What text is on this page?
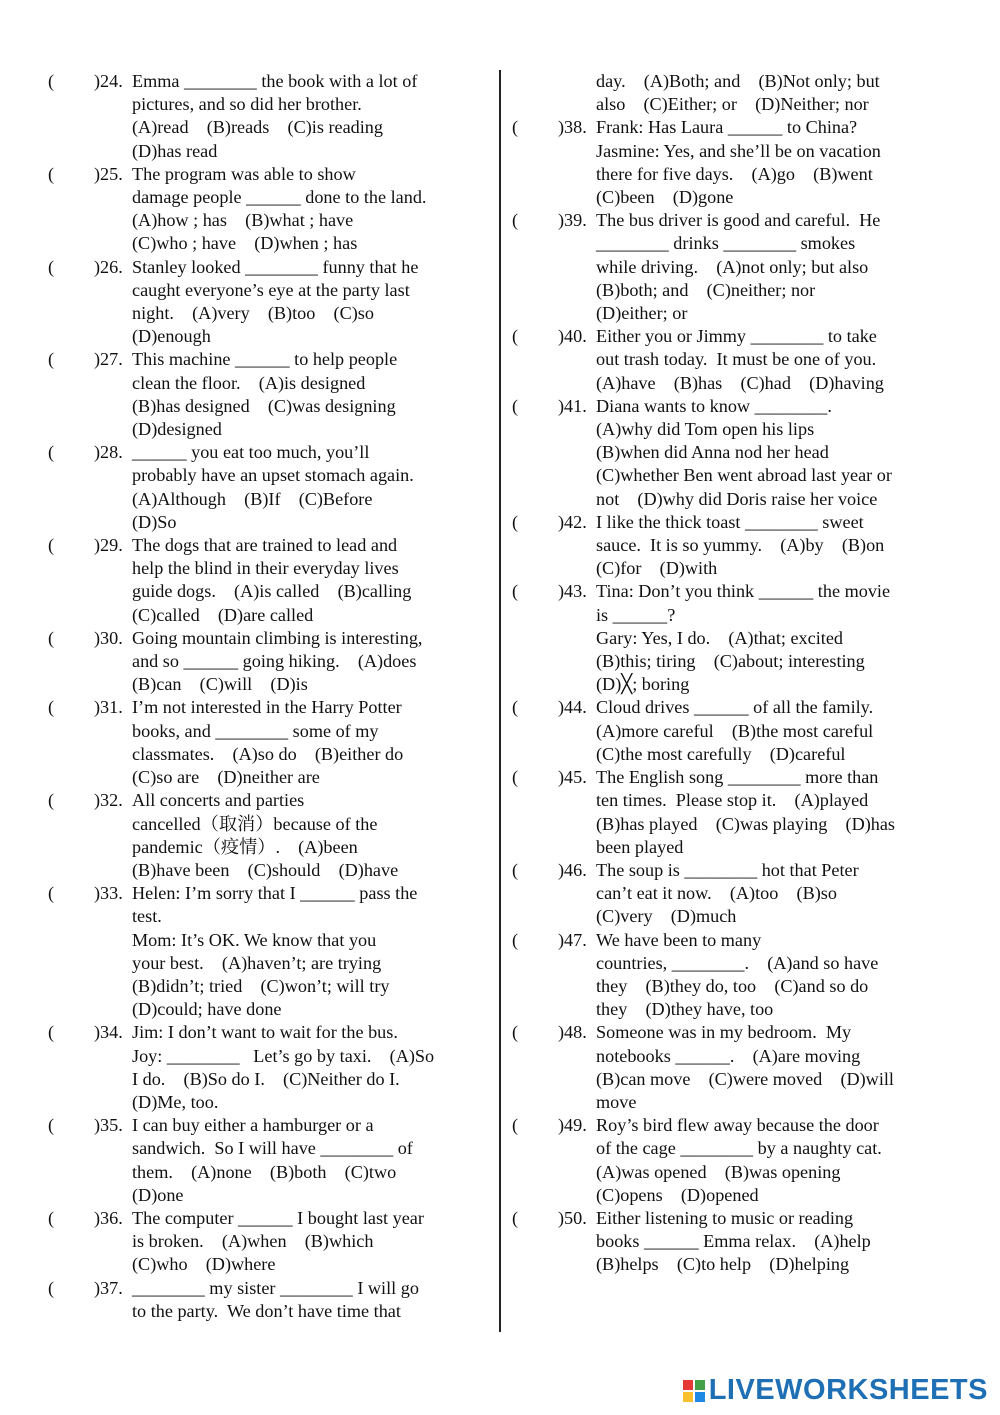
( )24. Emma ________ the book with a lot of
pictures, and so did her brother.
(A)read    (B)reads    (C)is reading
(D)has read
( )25. The program was able to show
damage people ______ done to the land.
(A)how ; has    (B)what ; have
(C)who ; have    (D)when ; has
( )26. Stanley looked ________ funny that he
caught everyone’s eye at the party last
night.    (A)very    (B)too    (C)so
(D)enough
( )27. This machine ______ to help people
clean the floor.    (A)is designed
(B)has designed    (C)was designing
(D)designed
( )28. ______ you eat too much, you’ll
probably have an upset stomach again.
(A)Although    (B)If    (C)Before
(D)So
( )29. The dogs that are trained to lead and
help the blind in their everyday lives
guide dogs.    (A)is called    (B)calling
(C)called    (D)are called
( )30. Going mountain climbing is interesting,
and so ______ going hiking.    (A)does
(B)can    (C)will    (D)is
( )31. I’m not interested in the Harry Potter
books, and ________ some of my
classmates.    (A)so do    (B)either do
(C)so are    (D)neither are
( )32. All concerts and parties
cancelled（取消）because of the
pandemic（疫情）.    (A)been
(B)have been    (C)should    (D)have
( )33. Helen: I’m sorry that I ______ pass the
test.
Mom: It’s OK. We know that you
your best.    (A)haven’t; are trying
(B)didn’t; tried    (C)won’t; will try
(D)could; have done
( )34. Jim: I don’t want to wait for the bus.
Joy: ________   Let’s go by taxi.    (A)So
I do.    (B)So do I.    (C)Neither do I.
(D)Me, too.
( )35. I can buy either a hamburger or a
sandwich.  So I will have ________ of
them.    (A)none    (B)both    (C)two
(D)one
( )36. The computer ______ I bought last year
is broken.    (A)when    (B)which
(C)who    (D)where
( )37. ________ my sister ________ I will go
to the party.  We don’t have time that
day.    (A)Both; and    (B)Not only; but
also    (C)Either; or    (D)Neither; nor
( )38. Frank: Has Laura ______ to China?
Jasmine: Yes, and she’ll be on vacation
there for five days.    (A)go    (B)went
(C)been    (D)gone
( )39. The bus driver is good and careful.  He
________ drinks ________ smokes
while driving.    (A)not only; but also
(B)both; and    (C)neither; nor
(D)either; or
( )40. Either you or Jimmy ________ to take
out trash today.  It must be one of you.
(A)have    (B)has    (C)had    (D)having
( )41. Diana wants to know ________.
(A)why did Tom open his lips
(B)when did Anna nod her head
(C)whether Ben went abroad last year or
not    (D)why did Doris raise her voice
( )42. I like the thick toast ________ sweet
sauce.  It is so yummy.    (A)by    (B)on
(C)for    (D)with
( )43. Tina: Don’t you think ______ the movie
is ______?
Gary: Yes, I do.    (A)that; excited
(B)this; tiring    (C)about; interesting
(D)╳; boring
( )44. Cloud drives ______ of all the family.
(A)more careful    (B)the most careful
(C)the most carefully    (D)careful
( )45. The English song ________ more than
ten times.  Please stop it.    (A)played
(B)has played    (C)was playing    (D)has
been played
( )46. The soup is ________ hot that Peter
can’t eat it now.    (A)too    (B)so
(C)very    (D)much
( )47. We have been to many
countries, ________.    (A)and so have
they    (B)they do, too    (C)and so do
they    (D)they have, too
( )48. Someone was in my bedroom.  My
notebooks ______.    (A)are moving
(B)can move    (C)were moved    (D)will
move
( )49. Roy’s bird flew away because the door
of the cage ________ by a naughty cat.
(A)was opened    (B)was opening
(C)opens    (D)opened
( )50. Either listening to music or reading
books ______ Emma relax.    (A)help
(B)helps    (C)to help    (D)helping
LIVEWORKSHEETS
